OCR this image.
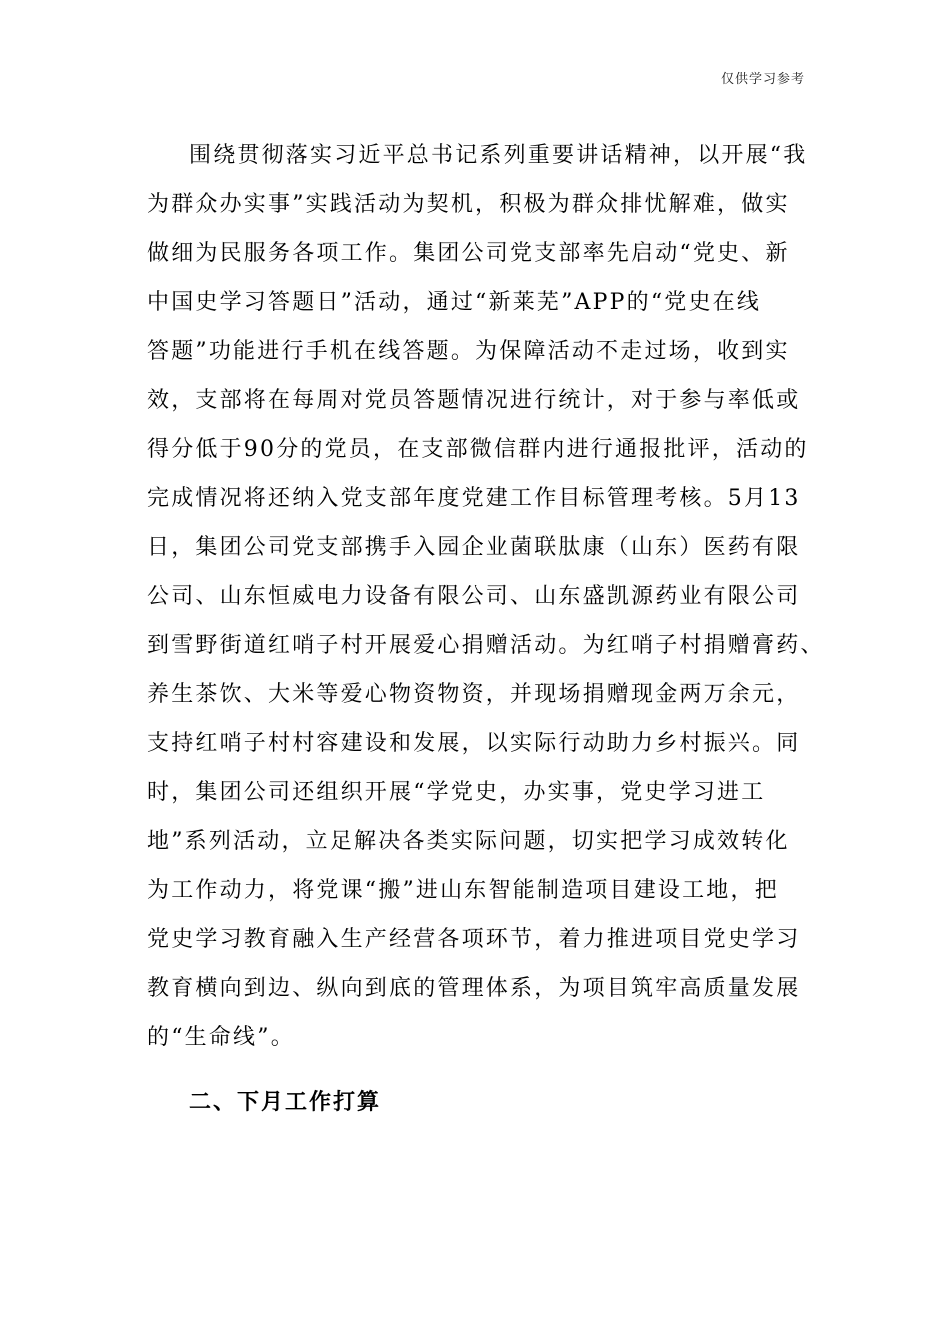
仅供学习参考
围绕贯彻落实习近平总书记系列重要讲话精神，以开展“我
为群众办实事”实践活动为契机，积极为群众排忧解难，做实
做细为民服务各项工作。集团公司党支部率先启动“党史、新
中国史学习答题日”活动，通过“新莱芜”APP的“党史在线
答题”功能进行手机在线答题。为保障活动不走过场，收到实
效，支部将在每周对党员答题情况进行统计，对于参与率低或
得分低于90分的党员，在支部微信群内进行通报批评，活动的
完成情况将还纳入党支部年度党建工作目标管理考核。5月13
日，集团公司党支部携手入园企业菌联肽康（山东）医药有限
公司、山东恒威电力设备有限公司、山东盛凯源药业有限公司
到雪野街道红哨子村开展爱心捐赠活动。为红哨子村捐赠膏药、
养生茶饮、大米等爱心物资物资，并现场捐赠现金两万余元，
支持红哨子村村容建设和发展，以实际行动助力乡村振兴。同
时，集团公司还组织开展“学党史，办实事，党史学习进工
地”系列活动，立足解决各类实际问题，切实把学习成效转化
为工作动力，将党课“搬”进山东智能制造项目建设工地，把
党史学习教育融入生产经营各项环节，着力推进项目党史学习
教育横向到边、纵向到底的管理体系，为项目筑牢高质量发展
的“生命线”。
二、下月工作打算
